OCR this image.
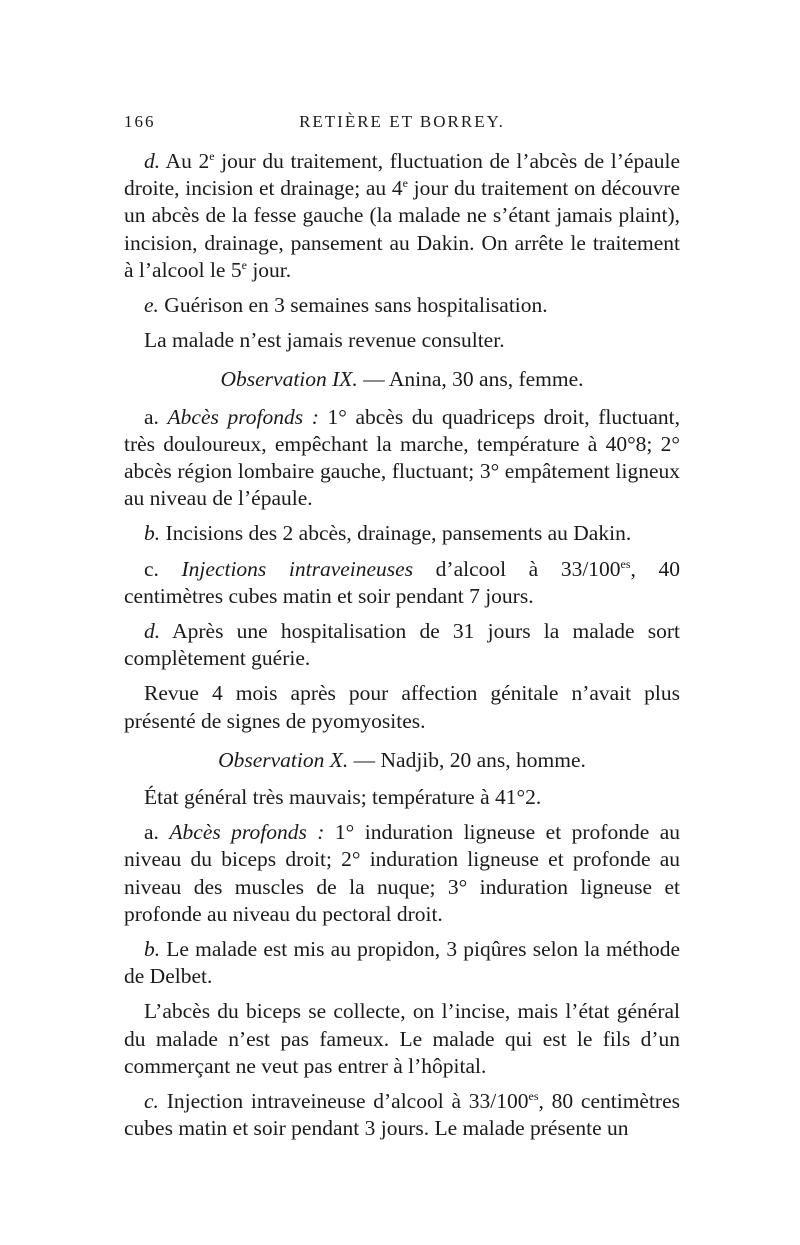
166	RETIÈRE ET BORREY.

d. Au 2e jour du traitement, fluctuation de l’abcès de l’épaule droite, incision et drainage; au 4e jour du traitement on découvre un abcès de la fesse gauche (la malade ne s’étant jamais plaint), incision, drainage, pansement au Dakin. On arrête le traitement à l’alcool le 5e jour.

e. Guérison en 3 semaines sans hospitalisation.

La malade n’est jamais revenue consulter.

Observation IX. — Anina, 30 ans, femme.

a. Abcès profonds : 1° abcès du quadriceps droit, fluctuant, très douloureux, empêchant la marche, température à 40°8; 2° abcès région lombaire gauche, fluctuant; 3° empâtement ligneux au niveau de l’épaule.

b. Incisions des 2 abcès, drainage, pansements au Dakin.

c. Injections intraveineuses d’alcool à $33/100^{es}$, 40 centimètres cubes matin et soir pendant 7 jours.

d. Après une hospitalisation de 31 jours la malade sort complètement guérie.

Revue 4 mois après pour affection génitale n’avait plus présenté de signes de pyomyosites.

Observation X. — Nadjib, 20 ans, homme.

État général très mauvais; température à 41°2.

a. Abcès profonds : 1° induration ligneuse et profonde au niveau du biceps droit; 2° induration ligneuse et profonde au niveau des muscles de la nuque; 3° induration ligneuse et profonde au niveau du pectoral droit.

b. Le malade est mis au propidon, 3 piqûres selon la méthode de Delbet.

L’abcès du biceps se collecte, on l’incise, mais l’état général du malade n’est pas fameux. Le malade qui est le fils d’un commerçant ne veut pas entrer à l’hôpital.

c. Injection intraveineuse d’alcool à $33/100^{es}$, 80 centimètres cubes matin et soir pendant 3 jours. Le malade présente un
